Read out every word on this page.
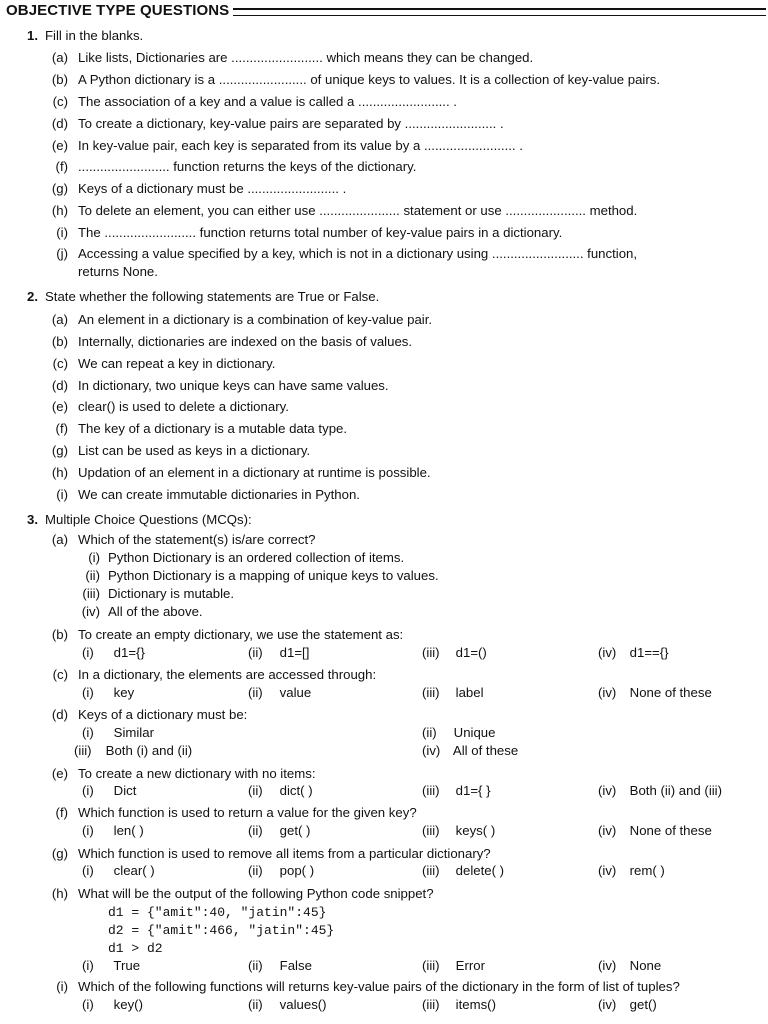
OBJECTIVE TYPE QUESTIONS
1. Fill in the blanks.
(a) Like lists, Dictionaries are ......................... which means they can be changed.
(b) A Python dictionary is a ........................ of unique keys to values. It is a collection of key-value pairs.
(c) The association of a key and a value is called a ......................... .
(d) To create a dictionary, key-value pairs are separated by ......................... .
(e) In key-value pair, each key is separated from its value by a ......................... .
(f) ......................... function returns the keys of the dictionary.
(g) Keys of a dictionary must be ......................... .
(h) To delete an element, you can either use ...................... statement or use ...................... method.
(i) The ......................... function returns total number of key-value pairs in a dictionary.
(j) Accessing a value specified by a key, which is not in a dictionary using ......................... function,
returns None.
2. State whether the following statements are True or False.
(a) An element in a dictionary is a combination of key-value pair.
(b) Internally, dictionaries are indexed on the basis of values.
(c) We can repeat a key in dictionary.
(d) In dictionary, two unique keys can have same values.
(e) clear() is used to delete a dictionary.
(f) The key of a dictionary is a mutable data type.
(g) List can be used as keys in a dictionary.
(h) Updation of an element in a dictionary at runtime is possible.
(i) We can create immutable dictionaries in Python.
3. Multiple Choice Questions (MCQs):
(a) Which of the statement(s) is/are correct?
(i) Python Dictionary is an ordered collection of items.
(ii) Python Dictionary is a mapping of unique keys to values.
(iii) Dictionary is mutable.
(iv) All of the above.
(b) To create an empty dictionary, we use the statement as:
(i) d1={}	(ii) d1=[]	(iii) d1=()	(iv) d1=={}
(c) In a dictionary, the elements are accessed through:
(i) key	(ii) value	(iii) label	(iv) None of these
(d) Keys of a dictionary must be:
(i) Similar	(ii) Unique
(iii) Both (i) and (ii)	(iv) All of these
(e) To create a new dictionary with no items:
(i) Dict	(ii) dict( )	(iii) d1={ }	(iv) Both (ii) and (iii)
(f) Which function is used to return a value for the given key?
(i) len( )	(ii) get( )	(iii) keys( )	(iv) None of these
(g) Which function is used to remove all items from a particular dictionary?
(i) clear( )	(ii) pop( )	(iii) delete( )	(iv) rem( )
(h) What will be the output of the following Python code snippet?
d1 = {"amit":40, "jatin":45}
d2 = {"amit":466, "jatin":45}
d1 > d2
(i) True	(ii) False	(iii) Error	(iv) None
(i) Which of the following functions will returns key-value pairs of the dictionary in the form of list of tuples?
(i) key()	(ii) values()	(iii) items()	(iv) get()
